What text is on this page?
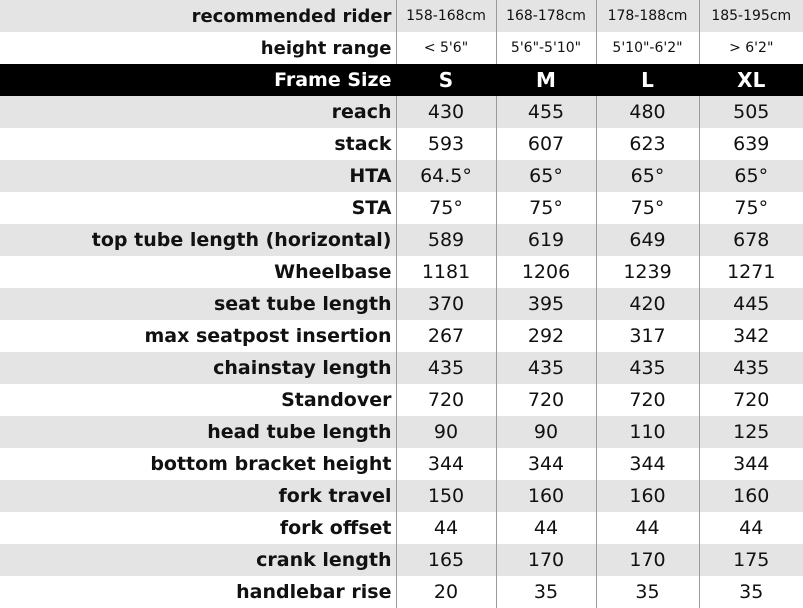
recommended rider	158-168cm	168-178cm	178-188cm	185-195cm
height range	< 5'6"	5'6"-5'10"	5'10"-6'2"	> 6'2"
Frame Size	S	M	L	XL
reach	430	455	480	505
stack	593	607	623	639
HTA	64.5°	65°	65°	65°
STA	75°	75°	75°	75°
top tube length (horizontal)	589	619	649	678
Wheelbase	1181	1206	1239	1271
seat tube length	370	395	420	445
max seatpost insertion	267	292	317	342
chainstay length	435	435	435	435
Standover	720	720	720	720
head tube length	90	90	110	125
bottom bracket height	344	344	344	344
fork travel	150	160	160	160
fork offset	44	44	44	44
crank length	165	170	170	175
handlebar rise	20	35	35	35
